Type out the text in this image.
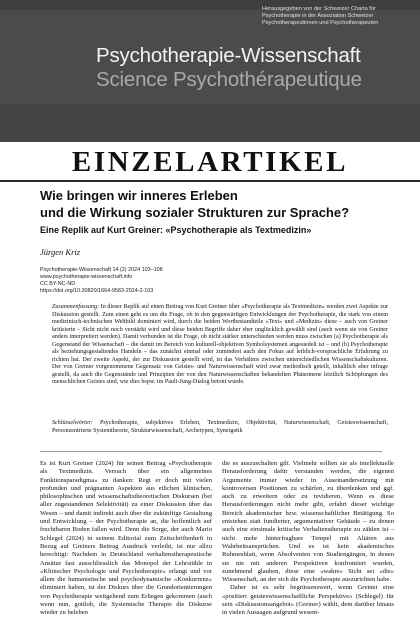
Herausgegeben von der Schweizer Charta für
Psychotherapie in der Assoziation Schweizer
Psychotherapeutinnen und Psychotherapeuten
Psychotherapie-Wissenschaft
Science Psychothérapeutique
EINZELARTIKEL
Wie bringen wir inneres Erleben
und die Wirkung sozialer Strukturen zur Sprache?
Eine Replik auf Kurt Greiner: «Psychotherapie als Textmedizin»
Jürgen Kriz
Psychotherapie-Wissenschaft 14 (2) 2024 103–108
www.psychotherapie-wissenschaft.info
CC BY-NC-ND
https://doi.org/10.30820/1664-9583-2024-2-103
Zusammenfassung: In dieser Replik auf einen Beitrag von Kurt Greiner über «Psychotherapie als Textmedizin» werden zwei Aspekte zur Diskussion gestellt. Zum einen geht es um die Frage, ob in den gegenwärtigen Entwicklungen der Psychotherapie, die stark von einem medizinisch-technischen Weltbild dominiert wird, durch die beiden Wortbestandteile «Text» und «Medizin» diese – auch von Greiner kritisierte – Sicht nicht noch verstärkt wird und diese beiden Begriffe daher eher unglücklich gewählt sind (auch wenn sie von Greiner anders interpretiert werden). Damit verbunden ist die Frage, ob nicht stärker unterschieden werden muss zwischen (a) Psychotherapie als Gegenstand der Wissenschaft – die damit im Bereich von kulturell-objektiven Symbolsystemen angesiedelt ist – und (b) Psychotherapie als beziehungsgestaltendes Handeln – das zunächst einmal oder zumindest auch den Fokus auf leiblich-vorsprachliche Erfahrung zu richten hat. Der zweite Aspekt, der zur Diskussion gestellt wird, ist das Verhältnis zwischen unterschiedlichen Wissenschaftskulturen. Der von Greiner vorgenommene Gegensatz von Geistes- und Naturwissenschaft wird zwar methodisch geteilt, inhaltlich aber infrage gestellt, da auch die Gegenstände und Prinzipien der von den Naturwissenschaften behandelten Phänomene letztlich Schöpfungen des menschlichen Geistes sind, wie dies bspw. im Pauli-Jung-Dialog betont wurde.
Schlüsselwörter: Psychotherapie, subjektives Erleben, Textmedizin, Objektivität, Naturwissenschaft, Geisteswissenschaft, Personzentrierte Systemtheorie, Strukturwissenschaft, Archetypen, Synergetik

Es ist Kurt Greiner (2024) für seinen Beitrag «Psychotherapie als Textmedizin. Versuch über ein allgemeines Funktionsparadigma» zu danken: Regt er doch mit vielen profunden und prägnanten Aspekten aus etlichen klinischen, philosophischen und wissenschaftstheoretischen Diskursen (bei aller zugestandenen Selektivität) zu einer Diskussion über das Wesen – und damit indirekt auch über die zukünftige Gestaltung und Entwicklung – der Psychotherapie an, die hoffentlich auf fruchtbaren Boden fallen wird. Denn die Sorge, der auch Mario Schlegel (2024) in seinem Editorial zum Zeitschriftenheft in Bezug auf Greiners Beitrag Ausdruck verleiht, ist nur allzu berechtigt: Nachdem in Deutschland verhaltenstherapeutische Ansätze fast ausschliesslich das Monopol der Lehrstühle in «Klinischer Psychologie und Psychotherapie» erlangt und vor allem die humanistische und psychodynamische «Konkurrenz» eliminiert haben, ist der Diskurs über die Grundorientierungen von Psychotherapie weitgehend zum Erliegen gekommen (auch wenn nun, gottlob, die Systemische Therapie die Diskurse wieder zu beleben

die es auszuschalten gilt. Vielmehr sollten sie als intellektuelle Herausforderung dafür verstanden werden, die eigenen Argumente immer wieder in Auseinandersetzung mit kontroversen Positionen zu schärfen, zu überdenken und ggf. auch zu erweitern oder zu revidieren. Wenn es diese Herausforderungen nicht mehr gibt, erfahrt dieser wichtige Bereich akademischer bzw. wissenschaftlicher Betätigung. So entstehen statt fundierter, argumentativer Gebäude – zu denen auch eine einstmals kritische Verhaltenstherapie zu zählen ist – nicht mehr hinterfragbare Tempel mit Altären aus Wahrheitsansprüchen. Und es ist kein akademisches Ruhmesblatt, wenn Absolventen von Studiengängen, in denen sie nie mit anderen Perspektiven konfrontiert wurden, zunehmend glauben, diese eine «wahre» Sicht sei «die» Wissenschaft, an der sich die Psychotherapie auszurichten habe.

Daher ist es sehr begrüssenswert, wenn Greiner eine «positiert geisteswissenschaftliche Perspektive» (Schlegel) für sein «Diskussionsangebot» (Greiner) wählt, dem darüber hinaus in vielen Aussagen aufgrund wesent-
